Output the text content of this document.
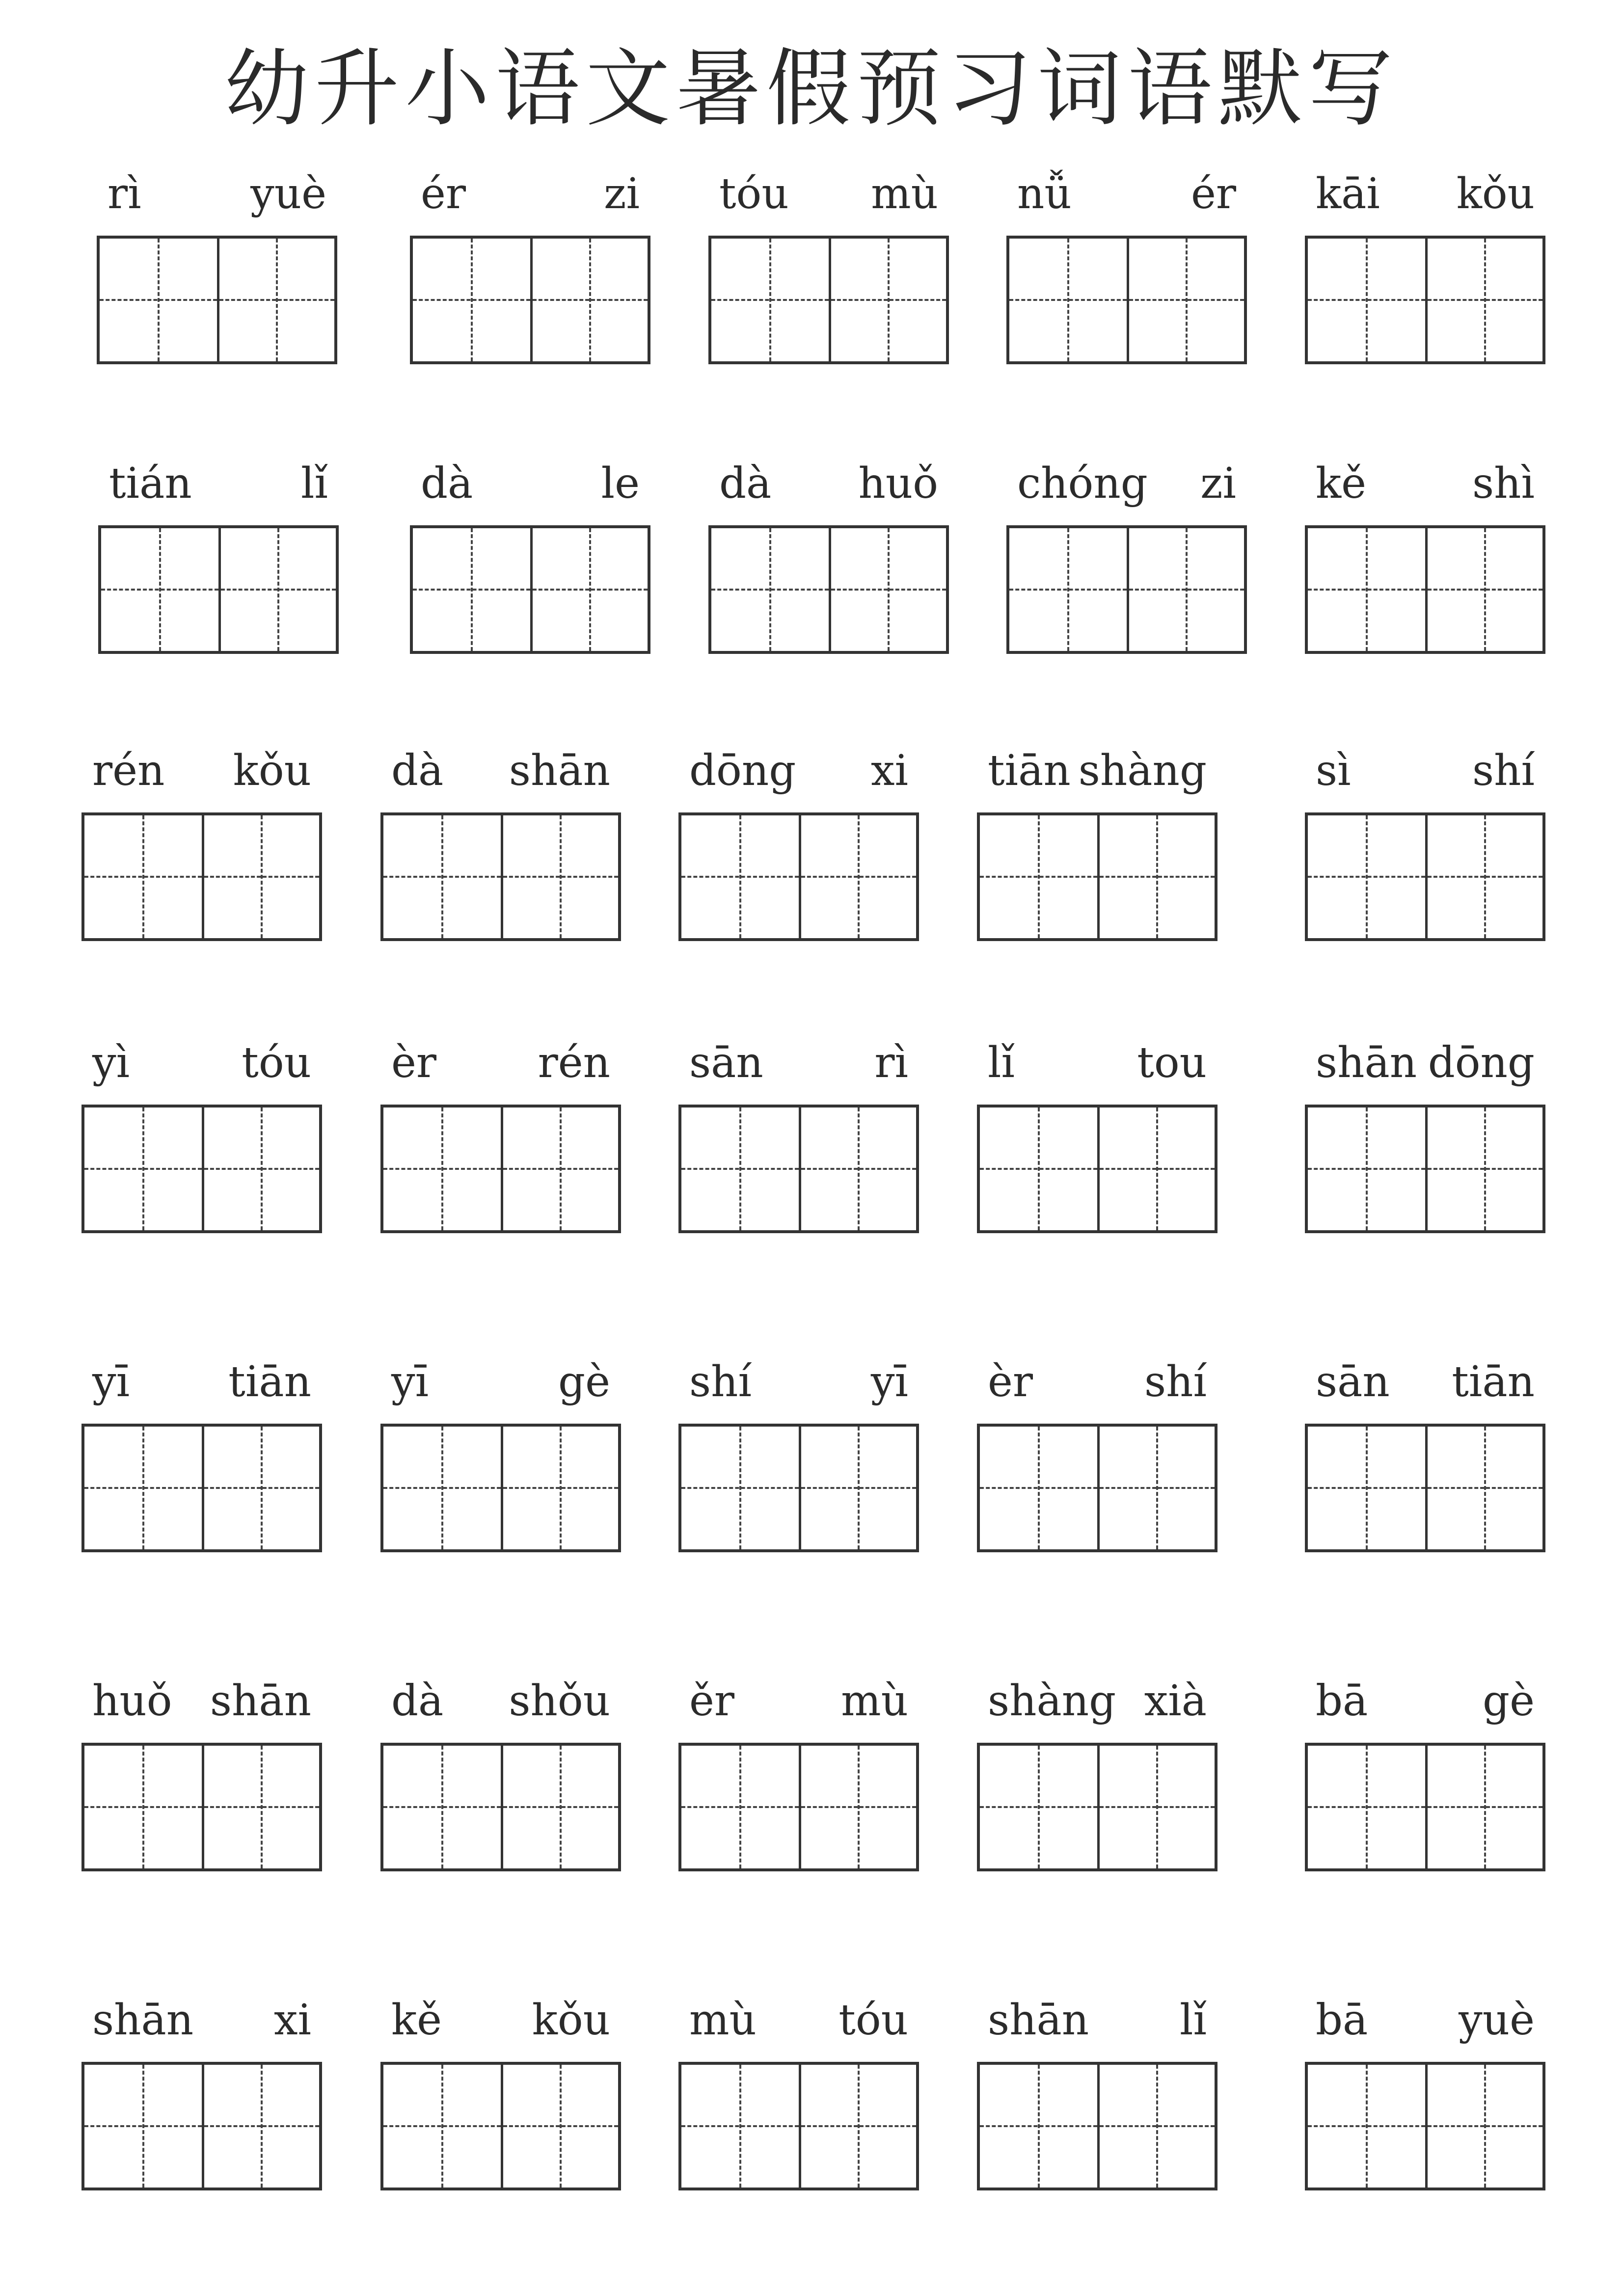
幼升小语文暑假预习词语默写
rì	yuè ér	zi tóu mù nǚ	ér kāi kǒu
tián	lǐ dà	le dà huǒ chóng zi kě	shì
rén kǒu dà shān dōng xi tiān shàng	sì	shí
yì	tóu èr rén sān	rì lǐ	tou	shān dōng
yī tiān yī	gè shí	yī èr	shí	sān tiān
huǒ shān dà shǒu ěr	mù shàng xià	bā	gè
shān xi kě kǒu mù tóu shān lǐ	bā yuè
